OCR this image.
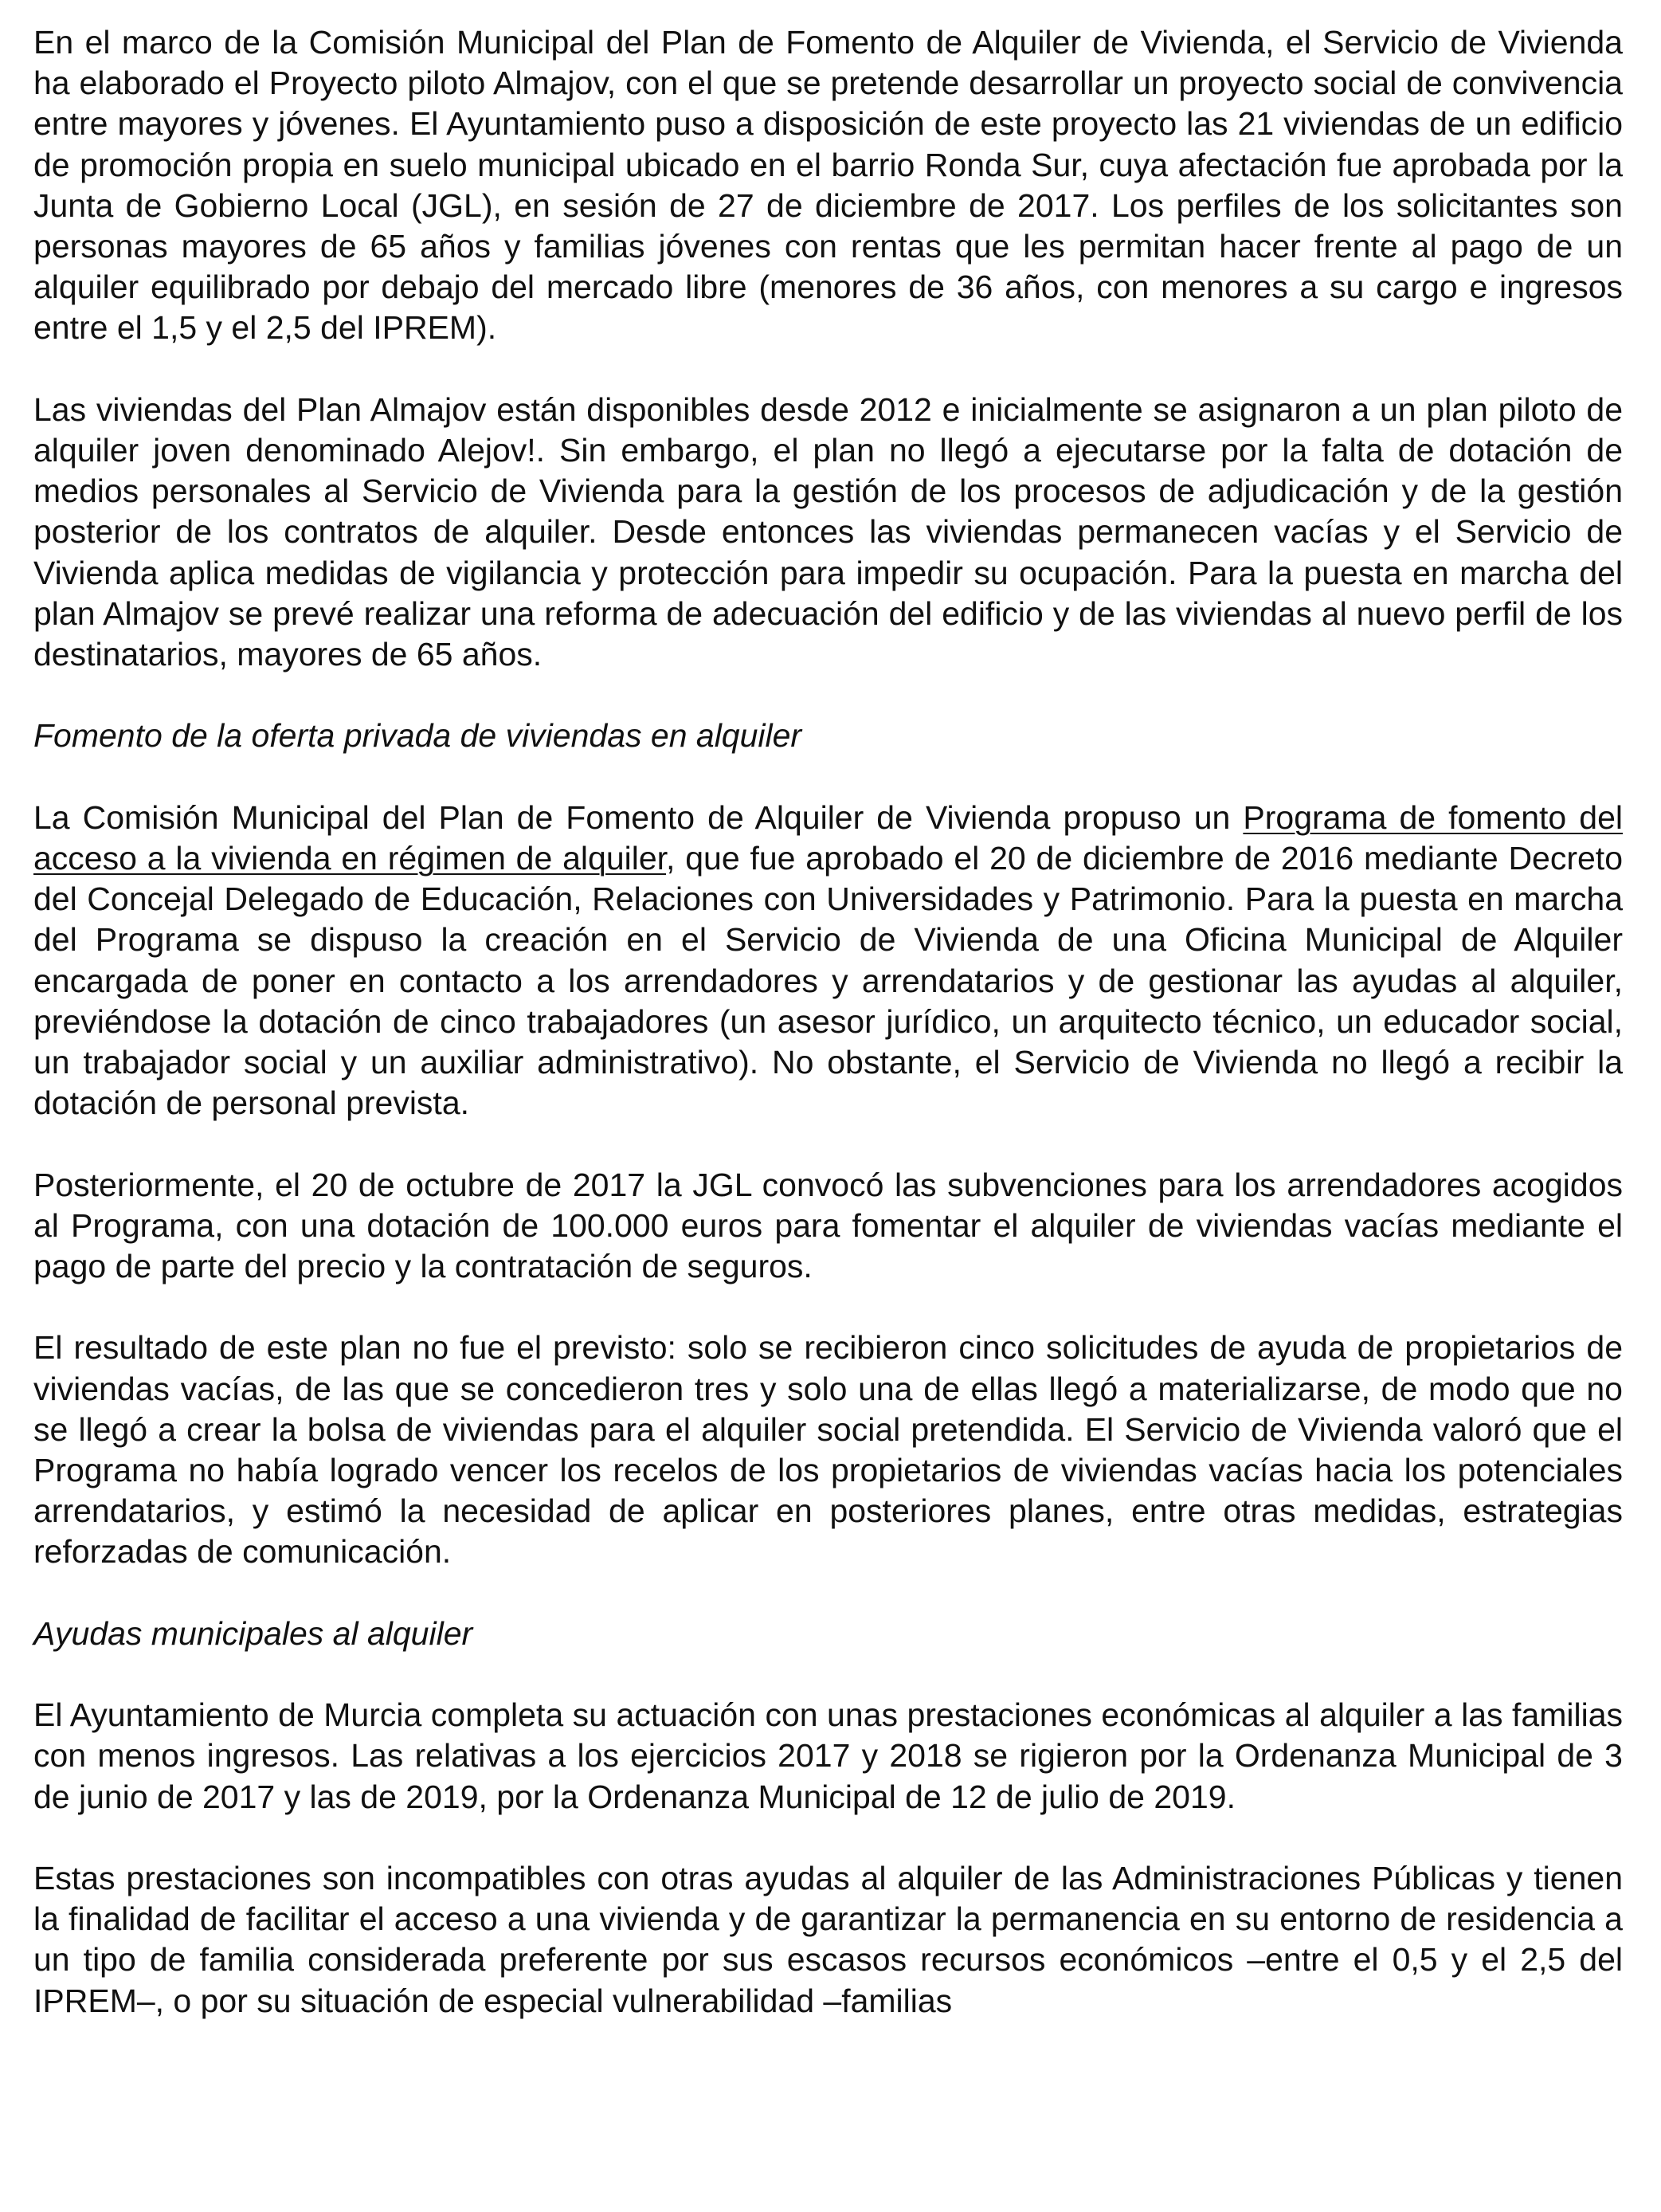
En el marco de la Comisión Municipal del Plan de Fomento de Alquiler de Vivienda, el Servicio de Vivienda ha elaborado el Proyecto piloto Almajov, con el que se pretende desarrollar un proyecto social de convivencia entre mayores y jóvenes. El Ayuntamiento puso a disposición de este proyecto las 21 viviendas de un edificio de promoción propia en suelo municipal ubicado en el barrio Ronda Sur, cuya afectación fue aprobada por la Junta de Gobierno Local (JGL), en sesión de 27 de diciembre de 2017. Los perfiles de los solicitantes son personas mayores de 65 años y familias jóvenes con rentas que les permitan hacer frente al pago de un alquiler equilibrado por debajo del mercado libre (menores de 36 años, con menores a su cargo e ingresos entre el 1,5 y el 2,5 del IPREM).

Las viviendas del Plan Almajov están disponibles desde 2012 e inicialmente se asignaron a un plan piloto de alquiler joven denominado Alejov!. Sin embargo, el plan no llegó a ejecutarse por la falta de dotación de medios personales al Servicio de Vivienda para la gestión de los procesos de adjudicación y de la gestión posterior de los contratos de alquiler. Desde entonces las viviendas permanecen vacías y el Servicio de Vivienda aplica medidas de vigilancia y protección para impedir su ocupación. Para la puesta en marcha del plan Almajov se prevé realizar una reforma de adecuación del edificio y de las viviendas al nuevo perfil de los destinatarios, mayores de 65 años.

Fomento de la oferta privada de viviendas en alquiler

La Comisión Municipal del Plan de Fomento de Alquiler de Vivienda propuso un Programa de fomento del acceso a la vivienda en régimen de alquiler, que fue aprobado el 20 de diciembre de 2016 mediante Decreto del Concejal Delegado de Educación, Relaciones con Universidades y Patrimonio. Para la puesta en marcha del Programa se dispuso la creación en el Servicio de Vivienda de una Oficina Municipal de Alquiler encargada de poner en contacto a los arrendadores y arrendatarios y de gestionar las ayudas al alquiler, previéndose la dotación de cinco trabajadores (un asesor jurídico, un arquitecto técnico, un educador social, un trabajador social y un auxiliar administrativo). No obstante, el Servicio de Vivienda no llegó a recibir la dotación de personal prevista.

Posteriormente, el 20 de octubre de 2017 la JGL convocó las subvenciones para los arrendadores acogidos al Programa, con una dotación de 100.000 euros para fomentar el alquiler de viviendas vacías mediante el pago de parte del precio y la contratación de seguros.

El resultado de este plan no fue el previsto: solo se recibieron cinco solicitudes de ayuda de propietarios de viviendas vacías, de las que se concedieron tres y solo una de ellas llegó a materializarse, de modo que no se llegó a crear la bolsa de viviendas para el alquiler social pretendida. El Servicio de Vivienda valoró que el Programa no había logrado vencer los recelos de los propietarios de viviendas vacías hacia los potenciales arrendatarios, y estimó la necesidad de aplicar en posteriores planes, entre otras medidas, estrategias reforzadas de comunicación.

Ayudas municipales al alquiler

El Ayuntamiento de Murcia completa su actuación con unas prestaciones económicas al alquiler a las familias con menos ingresos. Las relativas a los ejercicios 2017 y 2018 se rigieron por la Ordenanza Municipal de 3 de junio de 2017 y las de 2019, por la Ordenanza Municipal de 12 de julio de 2019.

Estas prestaciones son incompatibles con otras ayudas al alquiler de las Administraciones Públicas y tienen la finalidad de facilitar el acceso a una vivienda y de garantizar la permanencia en su entorno de residencia a un tipo de familia considerada preferente por sus escasos recursos económicos –entre el 0,5 y el 2,5 del IPREM–, o por su situación de especial vulnerabilidad –familias
